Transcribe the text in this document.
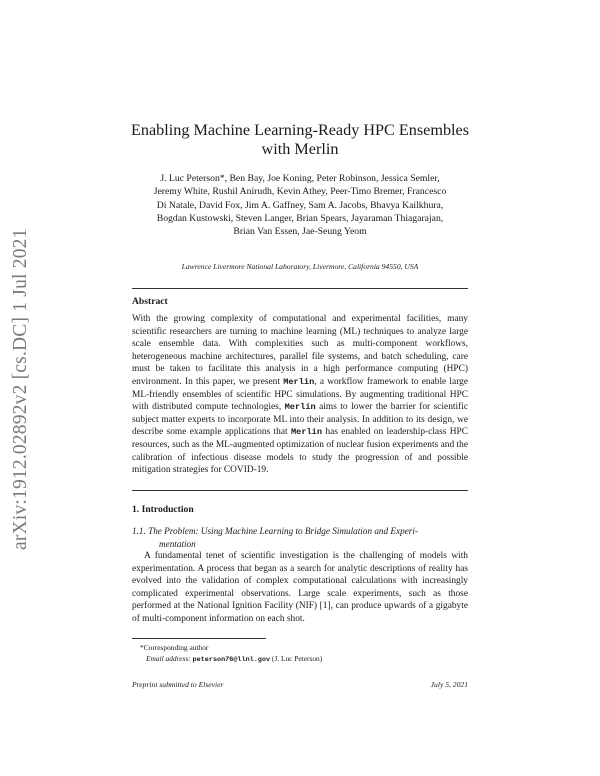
arXiv:1912.02892v2 [cs.DC] 1 Jul 2021
Enabling Machine Learning-Ready HPC Ensembles
with Merlin
J. Luc Peterson*, Ben Bay, Joe Koning, Peter Robinson, Jessica Semler,
Jeremy White, Rushil Anirudh, Kevin Athey, Peer-Timo Bremer, Francesco
Di Natale, David Fox, Jim A. Gaffney, Sam A. Jacobs, Bhavya Kailkhura,
Bogdan Kustowski, Steven Langer, Brian Spears, Jayaraman Thiagarajan,
Brian Van Essen, Jae-Seung Yeom
Lawrence Livermore National Laboratory, Livermore, California 94550, USA
Abstract
With the growing complexity of computational and experimental facilities, many scientific researchers are turning to machine learning (ML) techniques to analyze large scale ensemble data. With complexities such as multi-component workflows, heterogeneous machine architectures, parallel file systems, and batch scheduling, care must be taken to facilitate this analysis in a high performance computing (HPC) environment. In this paper, we present Merlin, a workflow framework to enable large ML-friendly ensembles of scientific HPC simulations. By augmenting traditional HPC with distributed compute technologies, Merlin aims to lower the barrier for scientific subject matter experts to incorporate ML into their analysis. In addition to its design, we describe some example applications that Merlin has enabled on leadership-class HPC resources, such as the ML-augmented optimization of nuclear fusion experiments and the calibration of infectious disease models to study the progression of and possible mitigation strategies for COVID-19.
1. Introduction
1.1. The Problem: Using Machine Learning to Bridge Simulation and Experi-
mentation

A fundamental tenet of scientific investigation is the challenging of models with experimentation. A process that began as a search for analytic descriptions of reality has evolved into the validation of complex computational calculations with increasingly complicated experimental observations. Large scale experiments, such as those performed at the National Ignition Facility (NIF) [1], can produce upwards of a gigabyte of multi-component information on each shot.

*Corresponding author
Email address: peterson76@llnl.gov (J. Luc Peterson)
Preprint submitted to Elsevier	July 5, 2021
